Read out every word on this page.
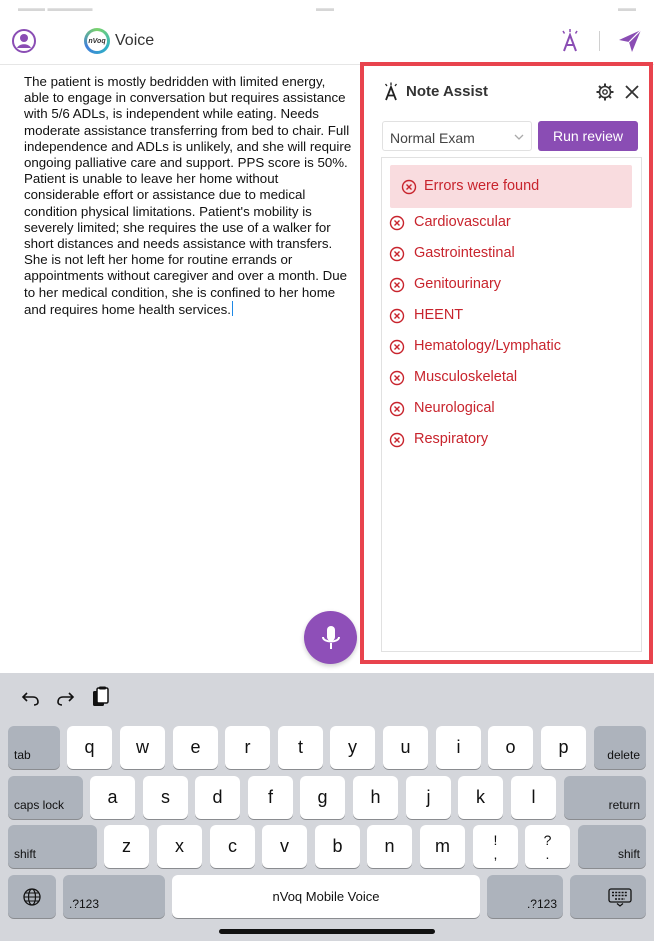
▬▬▬ ▬▬▬▬▬	▬▬	▬▬
nVoq Voice
The patient is mostly bedridden with limited energy, able to engage in conversation but requires assistance with 5/6 ADLs, is independent while eating. Needs moderate assistance transferring from bed to chair. Full independence and ADLs is unlikely, and she will require ongoing palliative care and support. PPS score is 50%. Patient is unable to leave her home without considerable effort or assistance due to medical condition physical limitations. Patient's mobility is severely limited; she requires the use of a walker for short distances and needs assistance with transfers. She is not left her home for routine errands or appointments without caregiver and over a month. Due to her medical condition, she is confined to her home and requires home health services.
Note Assist
Normal Exam	Run review
Errors were found
Cardiovascular
Gastrointestinal
Genitourinary
HEENT
Hematology/Lymphatic
Musculoskeletal
Neurological
Respiratory
tab	q	w	e	r	t	y	u	i	o	p	delete
caps lock	a	s	d	f	g	h	j	k	l	return
shift	z	x	c	v	b	n	m	!
,
?
.	shift
.?123	nVoq Mobile Voice	.?123
